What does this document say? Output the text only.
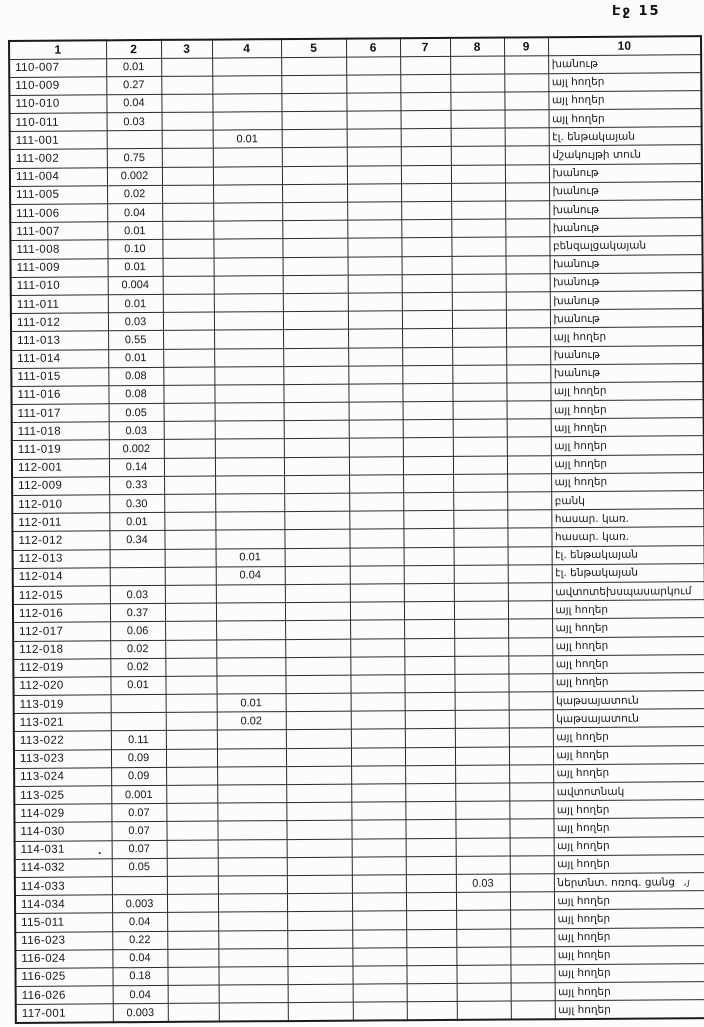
Էջ 15
1	2	3	4	5	6	7	8	9	10
110-007	0.01								խանութ
110-009	0.27								այլ հողեր
110-010	0.04								այլ հողեր
110-011	0.03								այլ հողեր
111-001			0.01						էլ. ենթակայան
111-002	0.75								մշակույթի տուն
111-004	0.002								խանութ
111-005	0.02								խանութ
111-006	0.04								խանութ
111-007	0.01								խանութ
111-008	0.10								բենզալցակայան
111-009	0.01								խանութ
111-010	0.004								խանութ
111-011	0.01								խանութ
111-012	0.03								խանութ
111-013	0.55								այլ հողեր
111-014	0.01								խանութ
111-015	0.08								խանութ
111-016	0.08								այլ հողեր
111-017	0.05								այլ հողեր
111-018	0.03								այլ հողեր
111-019	0.002								այլ հողեր
112-001	0.14								այլ հողեր
112-009	0.33								այլ հողեր
112-010	0.30								բանկ
112-011	0.01								հասար. կառ.
112-012	0.34								հասար. կառ.
112-013			0.01						էլ. ենթակայան
112-014			0.04						էլ. ենթակայան
112-015	0.03								ավտոտեխսպասարկում
112-016	0.37								այլ հողեր
112-017	0.06								այլ հողեր
112-018	0.02								այլ հողեր
112-019	0.02								այլ հողեր
112-020	0.01								այլ հողեր
113-019			0.01						կաթսայատուն
113-021			0.02						կաթսայատուն
113-022	0.11								այլ հողեր
113-023	0.09								այլ հողեր
113-024	0.09								այլ հողեր
113-025	0.001								ավտոտնակ
114-029	0.07								այլ հողեր
114-030	0.07								այլ հողեր
114-031	0.07								այլ հողեր
114-032	0.05								այլ հողեր
114-033							0.03		ներտնտ. ոռոգ. ցանց
114-034	0.003								այլ հողեր
115-011	0.04								այլ հողեր
116-023	0.22								այլ հողեր
116-024	0.04								այլ հողեր
116-025	0.18								այլ հողեր
116-026	0.04								այլ հողեր
117-001	0.003								այլ հողեր
,յ
.
